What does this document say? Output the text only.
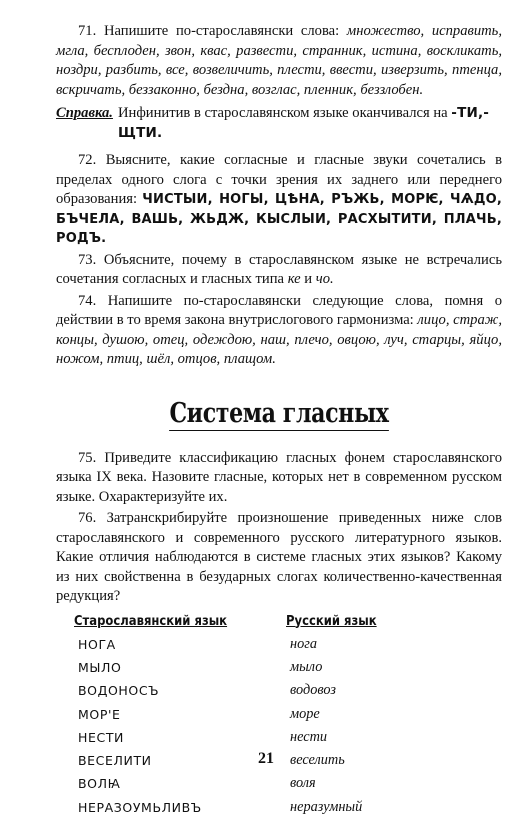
71. Напишите по-старославянски слова: множество, исправить, мгла, бесплоден, звон, квас, развести, странник, истина, воскликать, ноздри, разбить, все, возвеличить, плести, ввести, изверзить, птенца, вскричать, беззаконно, бездна, возглас, пленник, беззлобен.

Справка. Инфинитив в старославянском языке оканчивался на -ТИ,-ЩТИ.

72. Выясните, какие согласные и гласные звуки сочетались в пределах одного слога с точки зрения их заднего или переднего образования: ЧИСТЫИ, НОГЫ, ЦѢНА, РЪЖЬ, МОРѤ, ЧѦДО, БЪЧЕЛА, ВАШЬ, ЖЬДЖ, КЫСЛЫИ, РАСХЫТИТИ, ПЛАЧЬ, РОДЪ.

73. Объясните, почему в старославянском языке не встречались сочетания согласных и гласных типа ке и чо.

74. Напишите по-старославянски следующие слова, помня о действии в то время закона внутрислогового гармонизма: лицо, страж, концы, душою, отец, одеждою, наш, плечо, овцою, луч, старцы, яйцо, ножом, птиц, шёл, отцов, плащом.

Система гласных

75. Приведите классификацию гласных фонем старославянского языка IX века. Назовите гласные, которых нет в современном русском языке. Охарактеризуйте их.

76. Затранскрибируйте произношение приведенных ниже слов старославянского и современного русского литературного языков. Какие отличия наблюдаются в системе гласных этих языков? Какому из них свойственна в безударных слогах количественно-качественная редукция?

Старославянский язык	Русский язык
НОГА	нога
МЫЛО	мыло
ВОДОНОСЪ	водовоз
МОР'Е	море
НЕСТИ	нести
ВЕСЕЛИТИ	веселить
ВОЛꙖ	воля
НЕРАЗОУМЬЛИВЪ	неразумный
21
